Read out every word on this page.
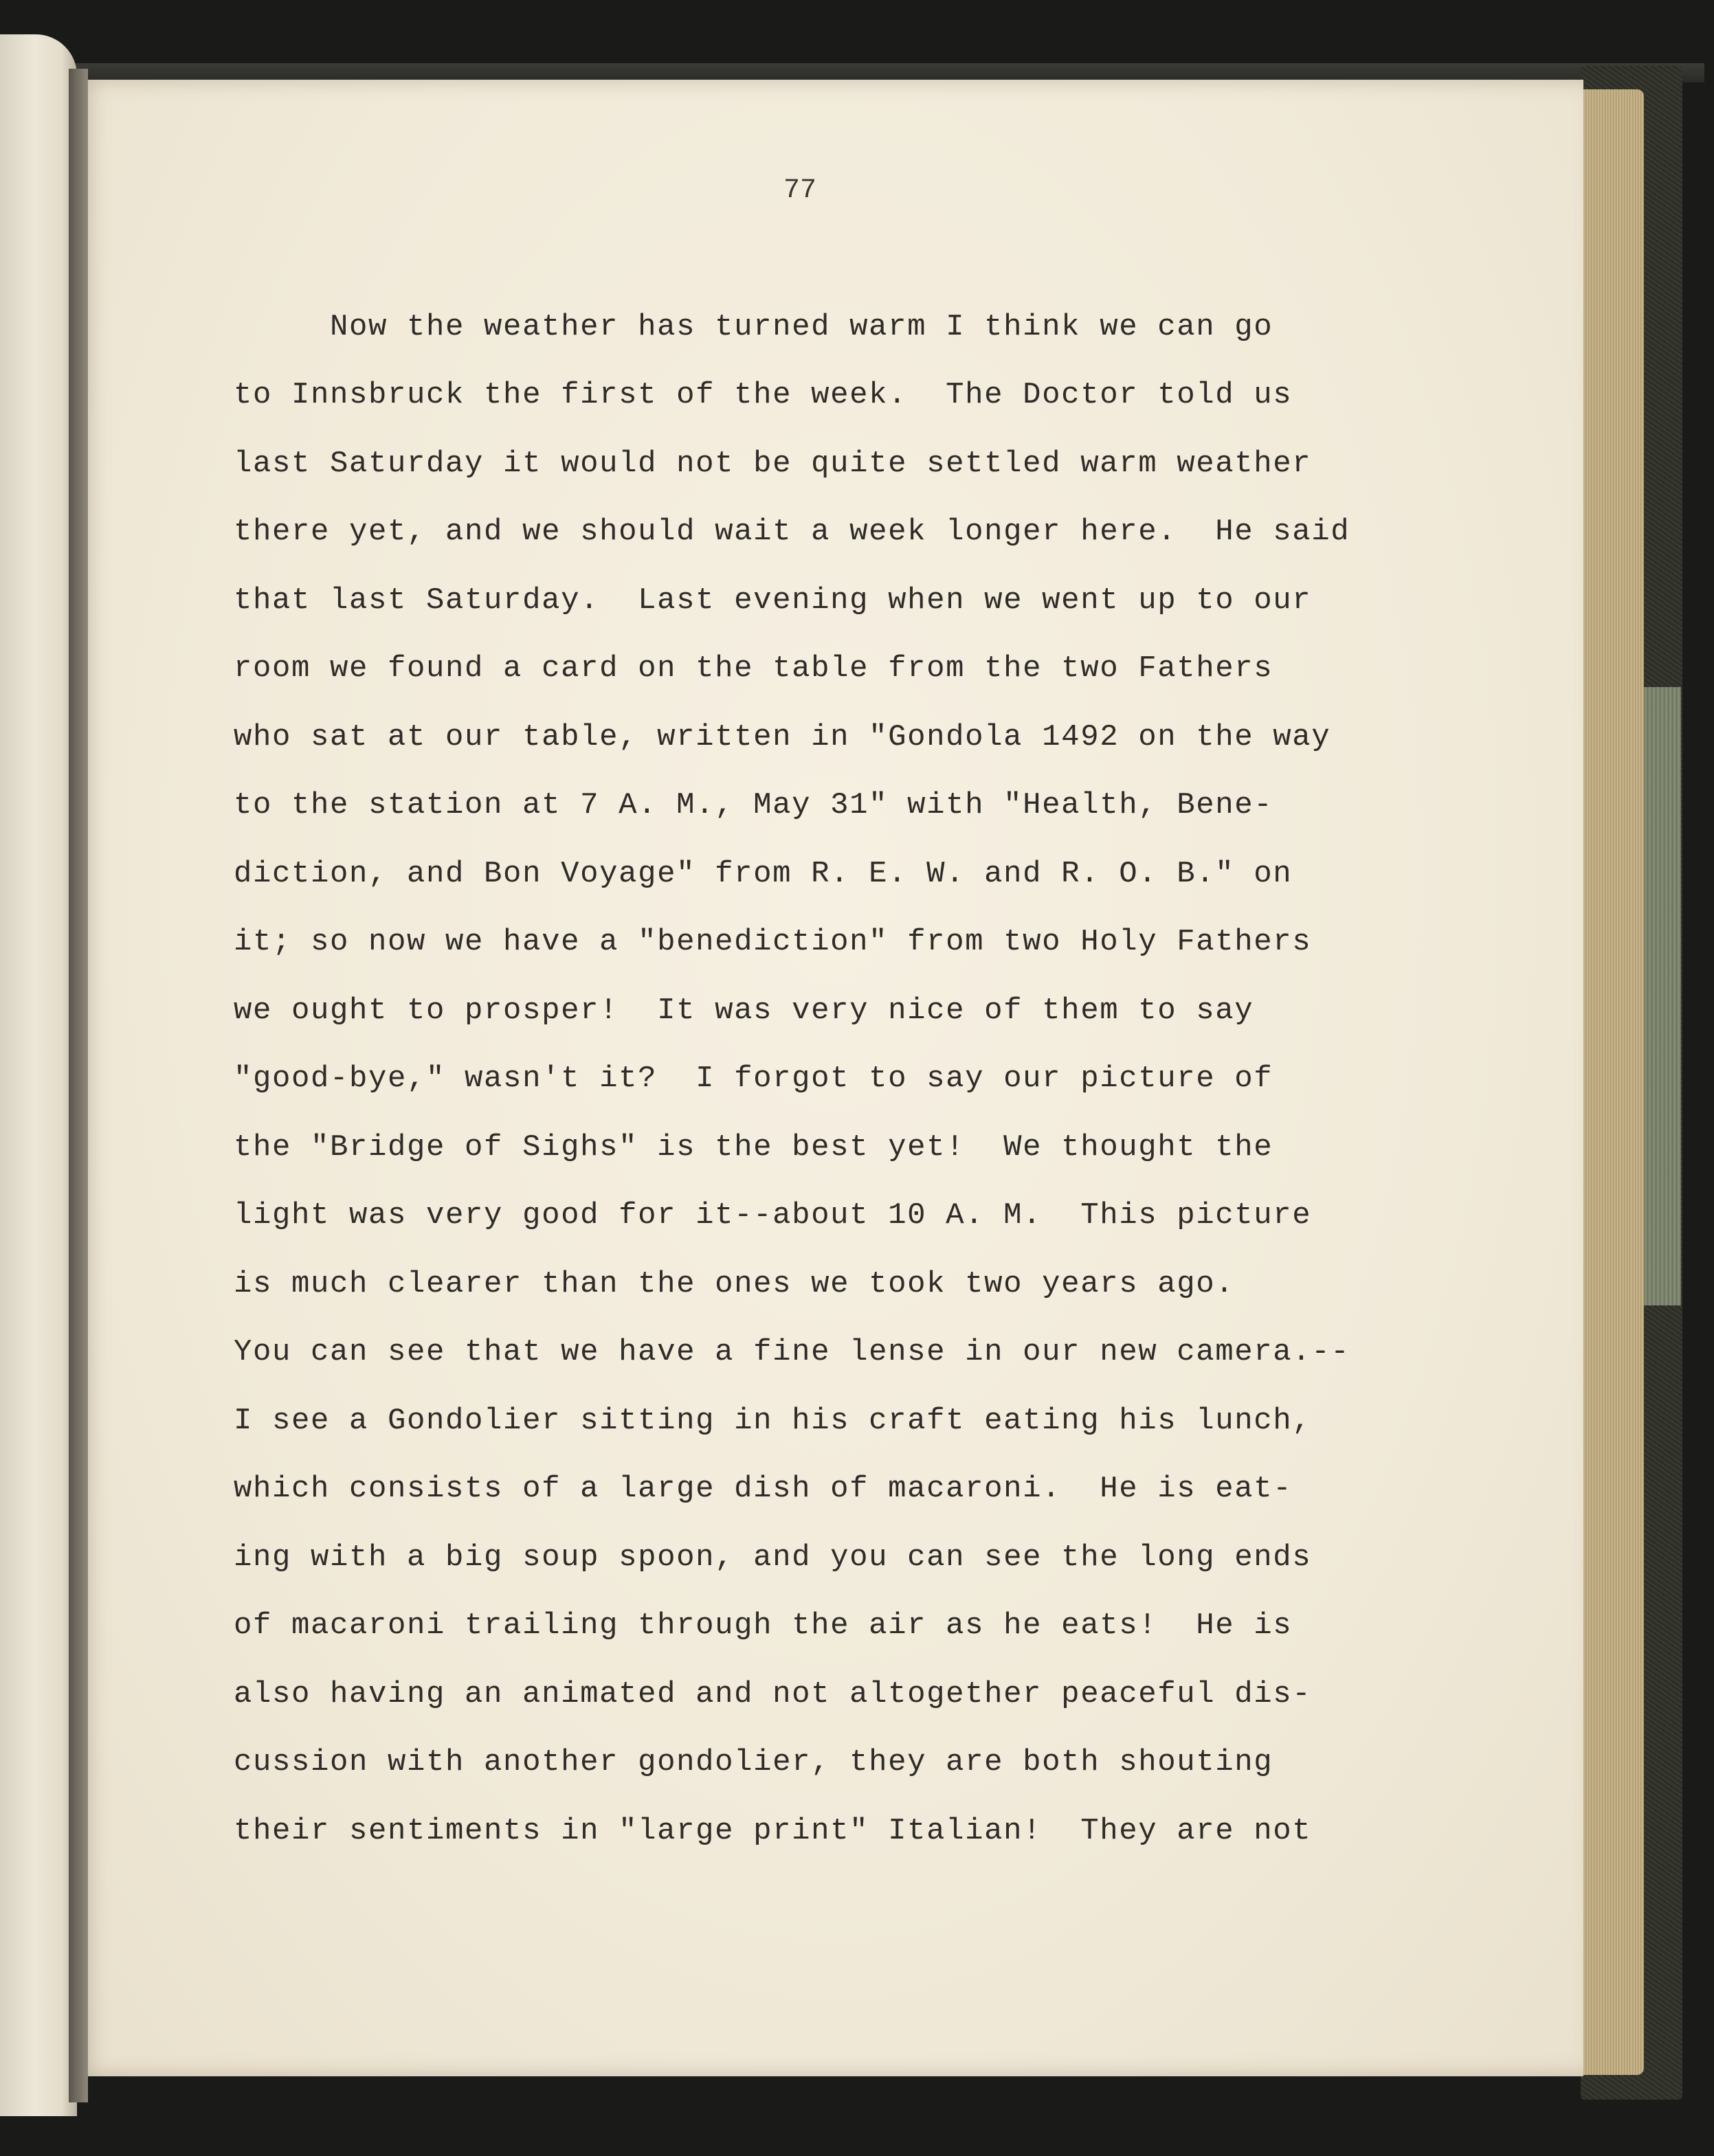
77

Now the weather has turned warm I think we can go

to Innsbruck the first of the week.  The Doctor told us

last Saturday it would not be quite settled warm weather

there yet, and we should wait a week longer here.  He said

that last Saturday.  Last evening when we went up to our

room we found a card on the table from the two Fathers

who sat at our table, written in "Gondola 1492 on the way

to the station at 7 A. M., May 31" with "Health, Bene-

diction, and Bon Voyage" from R. E. W. and R. O. B." on

it; so now we have a "benediction" from two Holy Fathers

we ought to prosper!  It was very nice of them to say

"good-bye," wasn't it?  I forgot to say our picture of

the "Bridge of Sighs" is the best yet!  We thought the

light was very good for it--about 10 A. M.  This picture

is much clearer than the ones we took two years ago.

You can see that we have a fine lense in our new camera.--

I see a Gondolier sitting in his craft eating his lunch,

which consists of a large dish of macaroni.  He is eat-

ing with a big soup spoon, and you can see the long ends

of macaroni trailing through the air as he eats!  He is

also having an animated and not altogether peaceful dis-

cussion with another gondolier, they are both shouting

their sentiments in "large print" Italian!  They are not
